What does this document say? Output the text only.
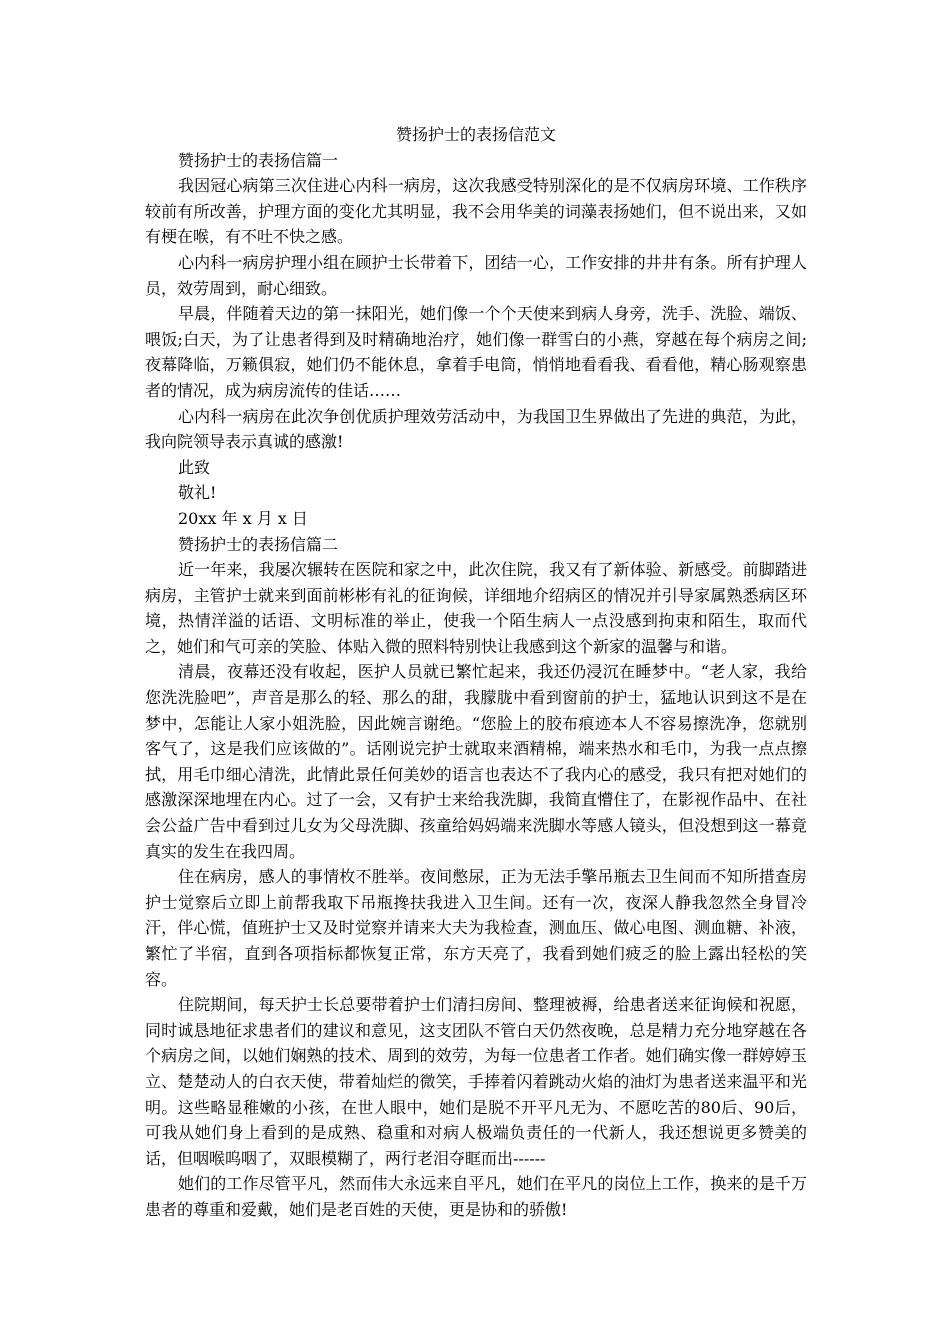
赞扬护士的表扬信范文

赞扬护士的表扬信篇一

我因冠心病第三次住进心内科一病房，这次我感受特别深化的是不仅病房环境、工作秩序较前有所改善，护理方面的变化尤其明显，我不会用华美的词藻表扬她们，但不说出来，又如有梗在喉，有不吐不快之感。

心内科一病房护理小组在顾护士长带着下，团结一心，工作安排的井井有条。所有护理人员，效劳周到，耐心细致。

早晨，伴随着天边的第一抹阳光，她们像一个个天使来到病人身旁，洗手、洗脸、端饭、喂饭;白天，为了让患者得到及时精确地治疗，她们像一群雪白的小燕，穿越在每个病房之间;夜幕降临，万籁俱寂，她们仍不能休息，拿着手电筒，悄悄地看看我、看看他，精心肠观察患者的情况，成为病房流传的佳话……

心内科一病房在此次争创优质护理效劳活动中，为我国卫生界做出了先进的典范，为此，我向院领导表示真诚的感激!

此致

敬礼!

20xx 年 x 月 x 日

赞扬护士的表扬信篇二

近一年来，我屡次辗转在医院和家之中，此次住院，我又有了新体验、新感受。前脚踏进病房，主管护士就来到面前彬彬有礼的征询候，详细地介绍病区的情况并引导家属熟悉病区环境，热情洋溢的话语、文明标准的举止，使我一个陌生病人一点没感到拘束和陌生，取而代之，她们和气可亲的笑脸、体贴入微的照料特别快让我感到这个新家的温馨与和谐。

清晨，夜幕还没有收起，医护人员就已繁忙起来，我还仍浸沉在睡梦中。“老人家，我给您洗洗脸吧”，声音是那么的轻、那么的甜，我朦胧中看到窗前的护士，猛地认识到这不是在梦中，怎能让人家小姐洗脸，因此婉言谢绝。“您脸上的胶布痕迹本人不容易擦洗净，您就别客气了，这是我们应该做的”。话刚说完护士就取来酒精棉，端来热水和毛巾，为我一点点擦拭，用毛巾细心清洗，此情此景任何美妙的语言也表达不了我内心的感受，我只有把对她们的感激深深地埋在内心。过了一会，又有护士来给我洗脚，我简直懵住了，在影视作品中、在社会公益广告中看到过儿女为父母洗脚、孩童给妈妈端来洗脚水等感人镜头，但没想到这一幕竟真实的发生在我四周。

住在病房，感人的事情枚不胜举。夜间憋尿，正为无法手擎吊瓶去卫生间而不知所措查房护士觉察后立即上前帮我取下吊瓶搀扶我进入卫生间。还有一次，夜深人静我忽然全身冒冷汗，伴心慌，值班护士又及时觉察并请来大夫为我检查，测血压、做心电图、测血糖、补液，繁忙了半宿，直到各项指标都恢复正常，东方天亮了，我看到她们疲乏的脸上露出轻松的笑容。

住院期间，每天护士长总要带着护士们清扫房间、整理被褥，给患者送来征询候和祝愿，同时诚恳地征求患者们的建议和意见，这支团队不管白天仍然夜晚，总是精力充分地穿越在各个病房之间，以她们娴熟的技术、周到的效劳，为每一位患者工作者。她们确实像一群婷婷玉立、楚楚动人的白衣天使，带着灿烂的微笑，手捧着闪着跳动火焰的油灯为患者送来温平和光明。这些略显稚嫩的小孩，在世人眼中，她们是脱不开平凡无为、不愿吃苦的80后、90后，可我从她们身上看到的是成熟、稳重和对病人极端负责任的一代新人，我还想说更多赞美的话，但咽喉呜咽了，双眼模糊了，两行老泪夺眶而出------

她们的工作尽管平凡，然而伟大永远来自平凡，她们在平凡的岗位上工作，换来的是千万患者的尊重和爱戴，她们是老百姓的天使，更是协和的骄傲!
